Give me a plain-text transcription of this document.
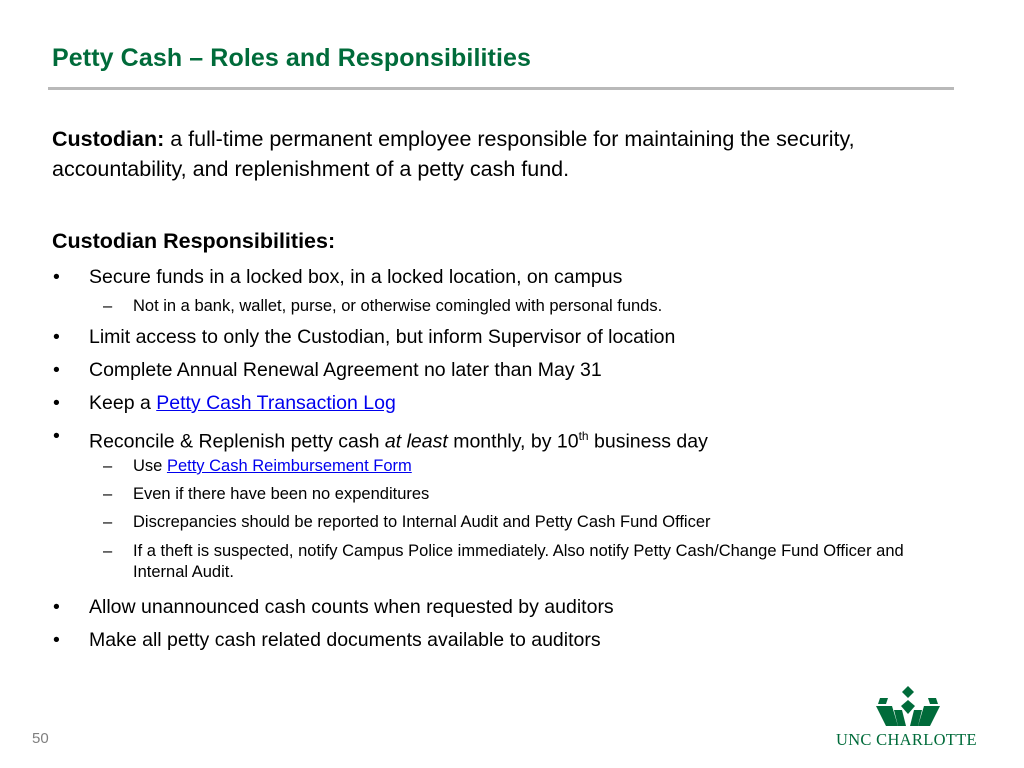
Petty Cash – Roles and Responsibilities

Custodian: a full-time permanent employee responsible for maintaining the security, accountability, and replenishment of a petty cash fund.

Custodian Responsibilities:
• Secure funds in a locked box, in a locked location, on campus
– Not in a bank, wallet, purse, or otherwise comingled with personal funds.
• Limit access to only the Custodian, but inform Supervisor of location
• Complete Annual Renewal Agreement no later than May 31
• Keep a Petty Cash Transaction Log
• Reconcile & Replenish petty cash at least monthly, by 10th business day
– Use Petty Cash Reimbursement Form
– Even if there have been no expenditures
– Discrepancies should be reported to Internal Audit and Petty Cash Fund Officer
– If a theft is suspected, notify Campus Police immediately. Also notify Petty Cash/Change Fund Officer and Internal Audit.
• Allow unannounced cash counts when requested by auditors
• Make all petty cash related documents available to auditors
50	UNC CHARLOTTE
